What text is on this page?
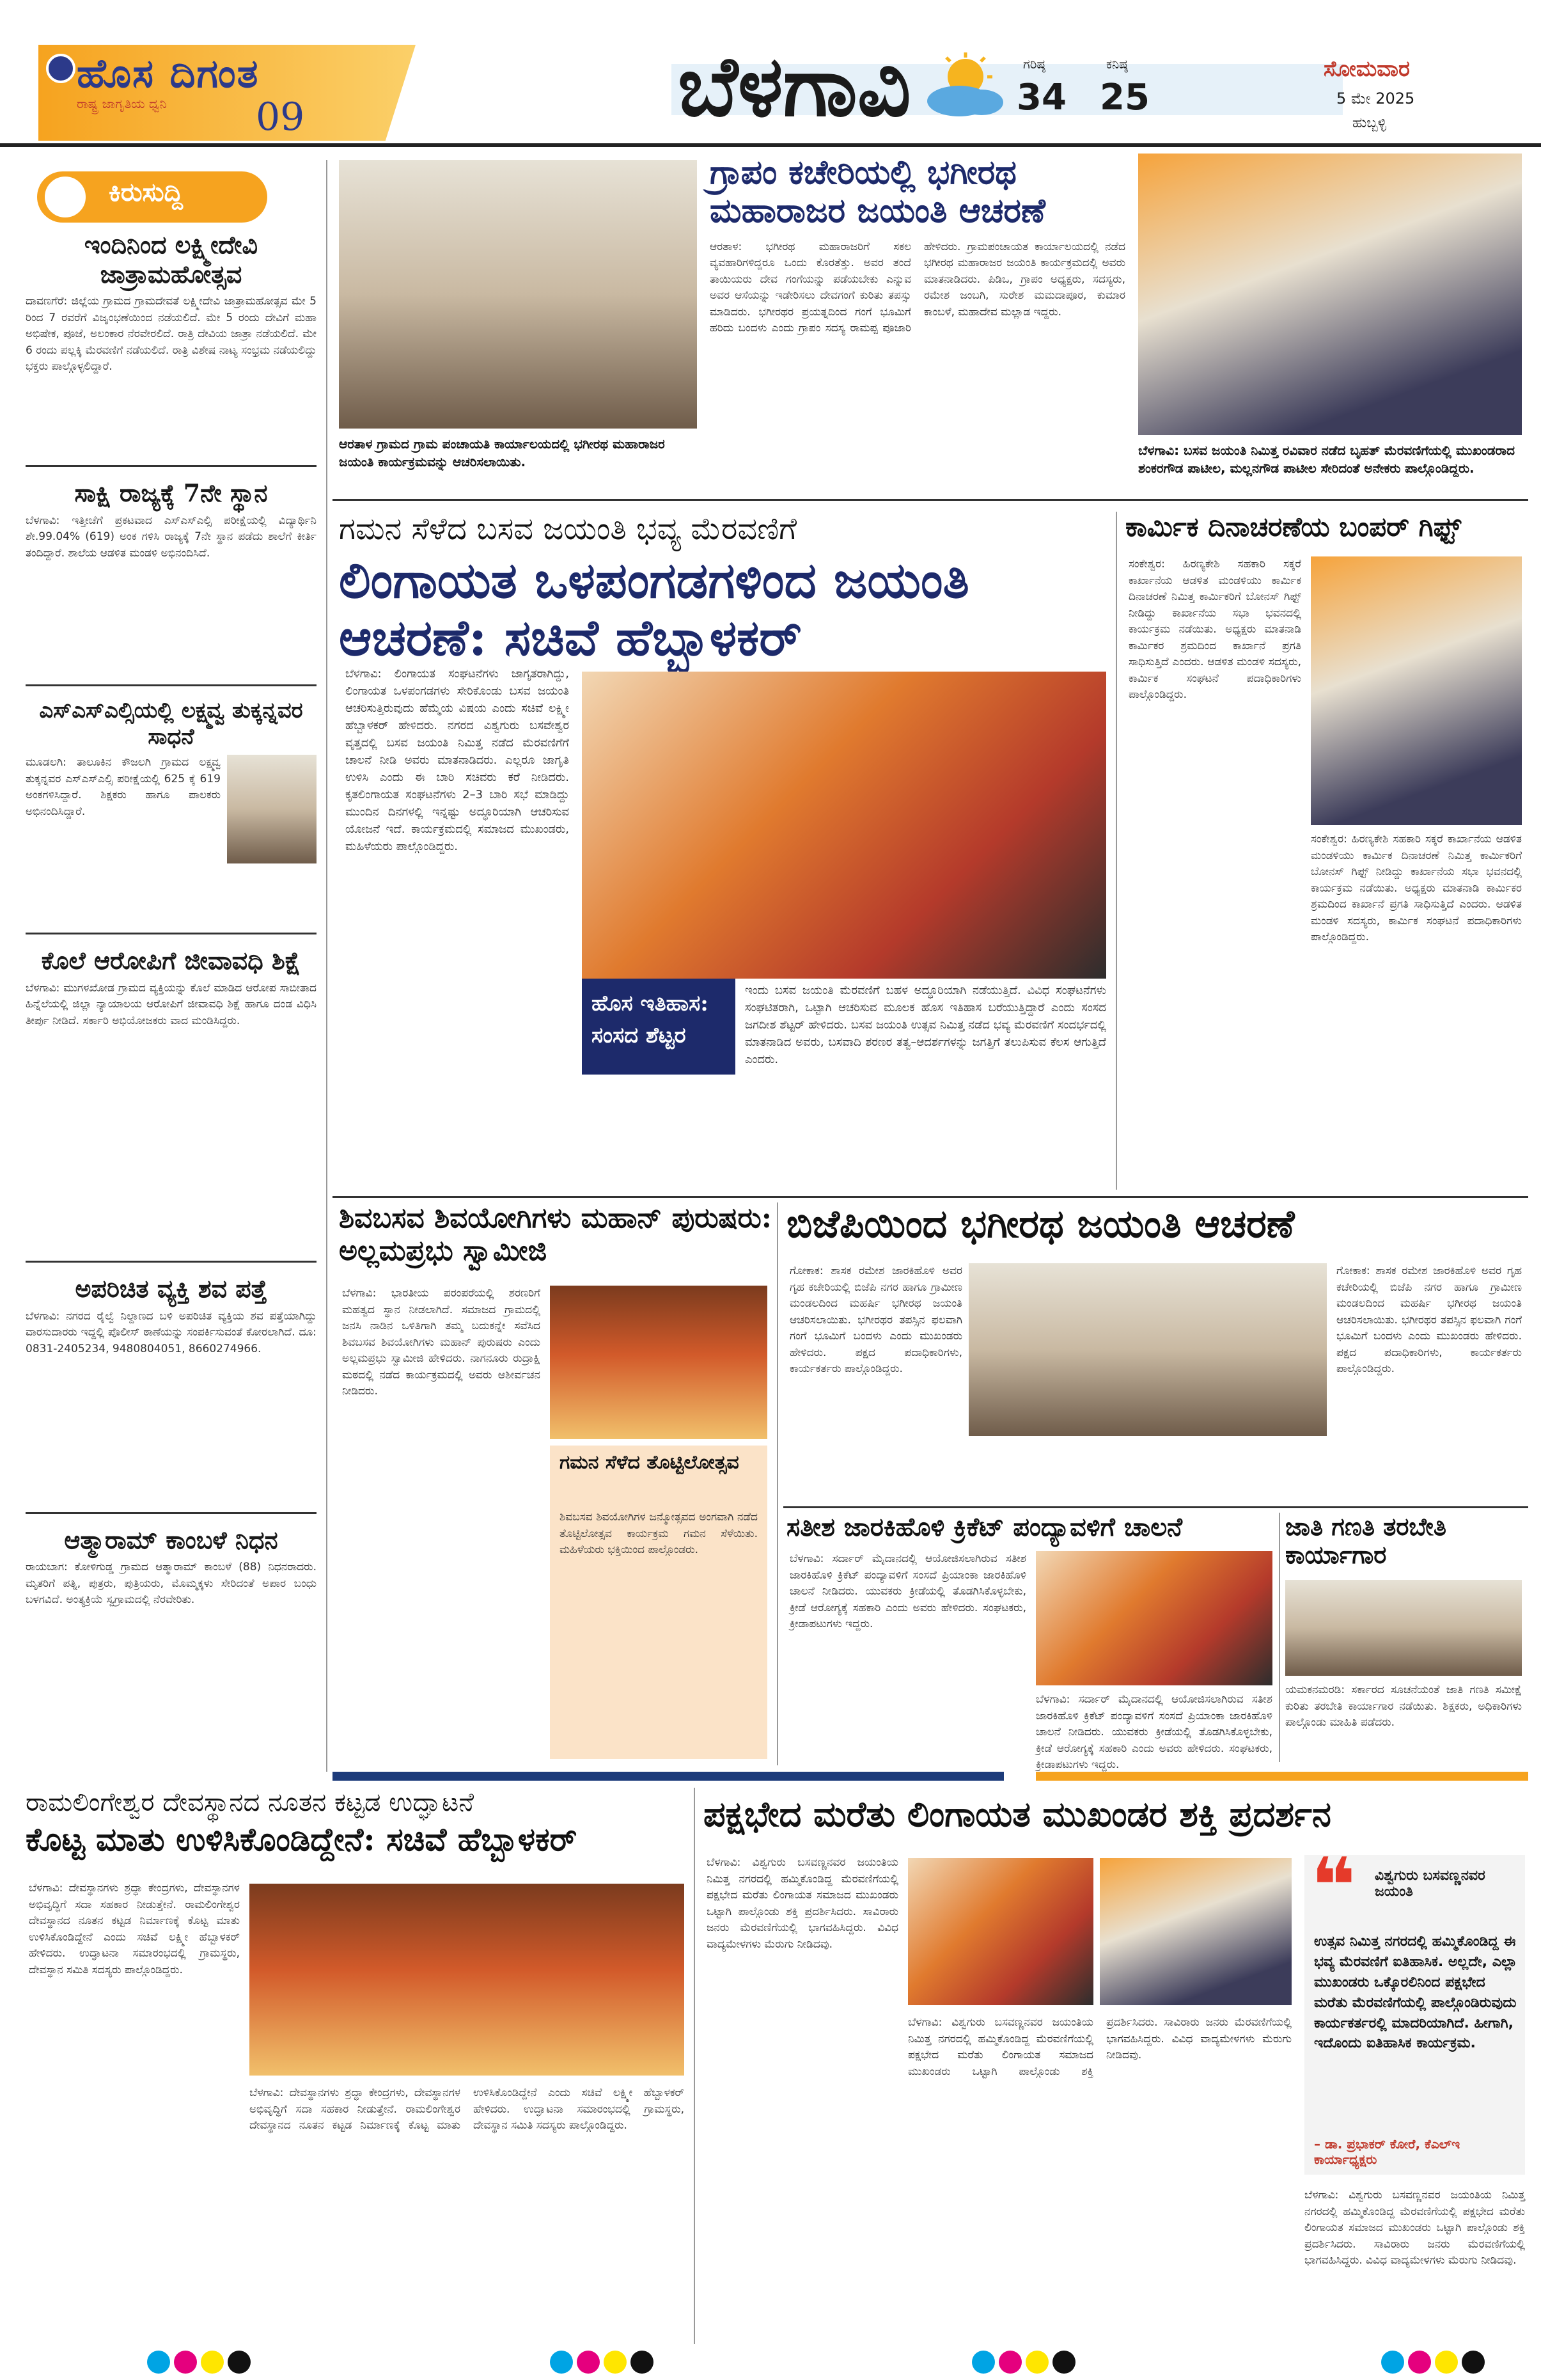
ಹೊಸ ದಿಗಂತ
ರಾಷ್ಟ್ರ ಜಾಗೃತಿಯ ಧ್ವನಿ 09	ಬೆಳಗಾವಿ	ಗರಿಷ್ಠ
34
ಕನಿಷ್ಠ
25
ಸೋಮವಾರ
5 ಮೇ 2025
ಹುಬ್ಬಳ್ಳಿ
ಕಿರುಸುದ್ದಿ
ಇಂದಿನಿಂದ ಲಕ್ಷ್ಮೀದೇವಿ ಜಾತ್ರಾಮಹೋತ್ಸವ
ದಾವಣಗೆರೆ: ಜಿಲ್ಲೆಯ ಗ್ರಾಮದ ಗ್ರಾಮದೇವತೆ ಲಕ್ಷ್ಮೀದೇವಿ ಜಾತ್ರಾಮಹೋತ್ಸವ ಮೇ 5 ರಿಂದ 7 ರವರೆಗೆ ವಿಜೃಂಭಣೆಯಿಂದ ನಡೆಯಲಿದೆ. ಮೇ 5 ರಂದು ದೇವಿಗೆ ಮಹಾ ಅಭಿಷೇಕ, ಪೂಜೆ, ಅಲಂಕಾರ ನೆರವೇರಲಿದೆ. ರಾತ್ರಿ ದೇವಿಯ ಜಾತ್ರಾ ನಡೆಯಲಿದೆ. ಮೇ 6 ರಂದು ಪಲ್ಲಕ್ಕಿ ಮೆರವಣಿಗೆ ನಡೆಯಲಿದೆ. ರಾತ್ರಿ ವಿಶೇಷ ನಾಟ್ಯ ಸಂಭ್ರಮ ನಡೆಯಲಿದ್ದು ಭಕ್ತರು ಪಾಲ್ಗೊಳ್ಳಲಿದ್ದಾರೆ.
ಸಾಕ್ಷಿ ರಾಜ್ಯಕ್ಕೆ 7ನೇ ಸ್ಥಾನ
ಬೆಳಗಾವಿ: ಇತ್ತೀಚೆಗೆ ಪ್ರಕಟವಾದ ಎಸ್ಎಸ್ಎಲ್ಸಿ ಪರೀಕ್ಷೆಯಲ್ಲಿ ವಿದ್ಯಾರ್ಥಿನಿ ಶೇ.99.04% (619) ಅಂಕ ಗಳಿಸಿ ರಾಜ್ಯಕ್ಕೆ 7ನೇ ಸ್ಥಾನ ಪಡೆದು ಶಾಲೆಗೆ ಕೀರ್ತಿ ತಂದಿದ್ದಾರೆ. ಶಾಲೆಯ ಆಡಳಿತ ಮಂಡಳಿ ಅಭಿನಂದಿಸಿದೆ.
ಎಸ್ಎಸ್ಎಲ್ಸಿಯಲ್ಲಿ ಲಕ್ಷ್ಮವ್ವ ತುಕ್ಕನ್ನವರ ಸಾಧನೆ
ಮೂಡಲಗಿ: ತಾಲೂಕಿನ ಕೌಜಲಗಿ ಗ್ರಾಮದ ಲಕ್ಷ್ಮವ್ವ ತುಕ್ಕನ್ನವರ ಎಸ್ಎಸ್ಎಲ್ಸಿ ಪರೀಕ್ಷೆಯಲ್ಲಿ 625 ಕ್ಕೆ 619 ಅಂಕಗಳಿಸಿದ್ದಾರೆ. ಶಿಕ್ಷಕರು ಹಾಗೂ ಪಾಲಕರು ಅಭಿನಂದಿಸಿದ್ದಾರೆ.
ಕೊಲೆ ಆರೋಪಿಗೆ ಜೀವಾವಧಿ ಶಿಕ್ಷೆ
ಬೆಳಗಾವಿ: ಮುಗಳಖೋಡ ಗ್ರಾಮದ ವ್ಯಕ್ತಿಯನ್ನು ಕೊಲೆ ಮಾಡಿದ ಆರೋಪ ಸಾಬೀತಾದ ಹಿನ್ನೆಲೆಯಲ್ಲಿ ಜಿಲ್ಲಾ ನ್ಯಾಯಾಲಯ ಆರೋಪಿಗೆ ಜೀವಾವಧಿ ಶಿಕ್ಷೆ ಹಾಗೂ ದಂಡ ವಿಧಿಸಿ ತೀರ್ಪು ನೀಡಿದೆ. ಸರ್ಕಾರಿ ಅಭಿಯೋಜಕರು ವಾದ ಮಂಡಿಸಿದ್ದರು.
ಅಪರಿಚಿತ ವ್ಯಕ್ತಿ ಶವ ಪತ್ತೆ
ಬೆಳಗಾವಿ: ನಗರದ ರೈಲ್ವೆ ನಿಲ್ದಾಣದ ಬಳಿ ಅಪರಿಚಿತ ವ್ಯಕ್ತಿಯ ಶವ ಪತ್ತೆಯಾಗಿದ್ದು ವಾರಸುದಾರರು ಇದ್ದಲ್ಲಿ ಪೊಲೀಸ್ ಠಾಣೆಯನ್ನು ಸಂಪರ್ಕಿಸುವಂತೆ ಕೋರಲಾಗಿದೆ. ದೂ: 0831-2405234, 9480804051, 8660274966.
ಆತ್ಮಾರಾಮ್ ಕಾಂಬಳೆ ನಿಧನ
ರಾಯಬಾಗ: ಕೋಳಿಗುಡ್ಡ ಗ್ರಾಮದ ಆತ್ಮಾರಾಮ್ ಕಾಂಬಳೆ (88) ನಿಧನರಾದರು. ಮೃತರಿಗೆ ಪತ್ನಿ, ಪುತ್ರರು, ಪುತ್ರಿಯರು, ಮೊಮ್ಮಕ್ಕಳು ಸೇರಿದಂತೆ ಅಪಾರ ಬಂಧು ಬಳಗವಿದೆ. ಅಂತ್ಯಕ್ರಿಯೆ ಸ್ವಗ್ರಾಮದಲ್ಲಿ ನೆರವೇರಿತು.
ಆರತಾಳ ಗ್ರಾಮದ ಗ್ರಾಮ ಪಂಚಾಯತಿ ಕಾರ್ಯಾಲಯದಲ್ಲಿ ಭಗೀರಥ ಮಹಾರಾಜರ ಜಯಂತಿ ಕಾರ್ಯಕ್ರಮವನ್ನು ಆಚರಿಸಲಾಯಿತು.
ಗ್ರಾಪಂ ಕಚೇರಿಯಲ್ಲಿ ಭಗೀರಥ ಮಹಾರಾಜರ ಜಯಂತಿ ಆಚರಣೆ
ಆರತಾಳ: ಭಗೀರಥ ಮಹಾರಾಜರಿಗೆ ಸಕಲ ವ್ಯವಹಾರಿಗಳಿದ್ದರೂ ಒಂದು ಕೊರತೆತ್ತು. ಅವರ ತಂದೆ ತಾಯಿಯರು ದೇವ ಗಂಗೆಯನ್ನು ಪಡೆಯಬೇಕು ಎನ್ನುವ ಅವರ ಆಸೆಯನ್ನು ಇಡೇರಿಸಲು ದೇವಗಂಗೆ ಕುರಿತು ತಪಸ್ಸು ಮಾಡಿದರು. ಭಗೀರಥರ ಪ್ರಯತ್ನದಿಂದ ಗಂಗೆ ಭೂಮಿಗೆ ಹರಿದು ಬಂದಳು ಎಂದು ಗ್ರಾಪಂ ಸದಸ್ಯ ರಾಮಪ್ಪ ಪೂಜಾರಿ ಹೇಳಿದರು. ಗ್ರಾಮಪಂಚಾಯತ ಕಾರ್ಯಾಲಯದಲ್ಲಿ ನಡೆದ ಭಗೀರಥ ಮಹಾರಾಜರ ಜಯಂತಿ ಕಾರ್ಯಕ್ರಮದಲ್ಲಿ ಅವರು ಮಾತನಾಡಿದರು. ಪಿಡಿಒ, ಗ್ರಾಪಂ ಅಧ್ಯಕ್ಷರು, ಸದಸ್ಯರು, ರಮೇಶ ಜಂಬಗಿ, ಸುರೇಶ ಮಮದಾಪೂರ, ಕುಮಾರ ಕಾಂಬಳೆ, ಮಹಾದೇವ ಮಲ್ಲಾಡ ಇದ್ದರು.
ಬೆಳಗಾವಿ: ಬಸವ ಜಯಂತಿ ನಿಮಿತ್ತ ರವಿವಾರ ನಡೆದ ಬೃಹತ್ ಮೆರವಣಿಗೆಯಲ್ಲಿ ಮುಖಂಡರಾದ ಶಂಕರಗೌಡ ಪಾಟೀಲ, ಮಲ್ಲನಗೌಡ ಪಾಟೀಲ ಸೇರಿದಂತೆ ಅನೇಕರು ಪಾಲ್ಗೊಂಡಿದ್ದರು.
ಗಮನ ಸೆಳೆದ ಬಸವ ಜಯಂತಿ ಭವ್ಯ ಮೆರವಣಿಗೆ
ಲಿಂಗಾಯತ ಒಳಪಂಗಡಗಳಿಂದ ಜಯಂತಿ ಆಚರಣೆ: ಸಚಿವೆ ಹೆಬ್ಬಾಳಕರ್
ಬೆಳಗಾವಿ: ಲಿಂಗಾಯತ ಸಂಘಟನೆಗಳು ಜಾಗೃತರಾಗಿದ್ದು, ಲಿಂಗಾಯತ ಒಳಪಂಗಡಗಳು ಸೇರಿಕೊಂಡು ಬಸವ ಜಯಂತಿ ಆಚರಿಸುತ್ತಿರುವುದು ಹೆಮ್ಮೆಯ ವಿಷಯ ಎಂದು ಸಚಿವೆ ಲಕ್ಷ್ಮೀ ಹೆಬ್ಬಾಳಕರ್ ಹೇಳಿದರು. ನಗರದ ವಿಶ್ವಗುರು ಬಸವೇಶ್ವರ ವೃತ್ತದಲ್ಲಿ ಬಸವ ಜಯಂತಿ ನಿಮಿತ್ತ ನಡೆದ ಮೆರವಣಿಗೆಗೆ ಚಾಲನೆ ನೀಡಿ ಅವರು ಮಾತನಾಡಿದರು. ಎಲ್ಲರೂ ಜಾಗೃತಿ ಉಳಿಸಿ ಎಂದು ಈ ಬಾರಿ ಸಚಿವರು ಕರೆ ನೀಡಿದರು. ಕೃತಲಿಂಗಾಯತ ಸಂಘಟನೆಗಳು 2–3 ಬಾರಿ ಸಭೆ ಮಾಡಿದ್ದು ಮುಂದಿನ ದಿನಗಳಲ್ಲಿ ಇನ್ನಷ್ಟು ಅದ್ಧೂರಿಯಾಗಿ ಆಚರಿಸುವ ಯೋಜನೆ ಇದೆ. ಕಾರ್ಯಕ್ರಮದಲ್ಲಿ ಸಮಾಜದ ಮುಖಂಡರು, ಮಹಿಳೆಯರು ಪಾಲ್ಗೊಂಡಿದ್ದರು.
ಹೊಸ ಇತಿಹಾಸ:
ಸಂಸದ ಶೆಟ್ಟರ
ಇಂದು ಬಸವ ಜಯಂತಿ ಮೆರವಣಿಗೆ ಬಹಳ ಅದ್ಧೂರಿಯಾಗಿ ನಡೆಯುತ್ತಿದೆ. ವಿವಿಧ ಸಂಘಟನೆಗಳು ಸಂಘಟಿತರಾಗಿ, ಒಟ್ಟಾಗಿ ಆಚರಿಸುವ ಮೂಲಕ ಹೊಸ ಇತಿಹಾಸ ಬರೆಯುತ್ತಿದ್ದಾರೆ ಎಂದು ಸಂಸದ ಜಗದೀಶ ಶೆಟ್ಟರ್ ಹೇಳಿದರು. ಬಸವ ಜಯಂತಿ ಉತ್ಸವ ನಿಮಿತ್ತ ನಡೆದ ಭವ್ಯ ಮೆರವಣಿಗೆ ಸಂದರ್ಭದಲ್ಲಿ ಮಾತನಾಡಿದ ಅವರು, ಬಸವಾದಿ ಶರಣರ ತತ್ವ–ಆದರ್ಶಗಳನ್ನು ಜಗತ್ತಿಗೆ ತಲುಪಿಸುವ ಕೆಲಸ ಆಗುತ್ತಿದೆ ಎಂದರು.
ಕಾರ್ಮಿಕ ದಿನಾಚರಣೆಯ ಬಂಪರ್ ಗಿಫ್ಟ್
ಸಂಕೇಶ್ವರ: ಹಿರಣ್ಯಕೇಶಿ ಸಹಕಾರಿ ಸಕ್ಕರೆ ಕಾರ್ಖಾನೆಯ ಆಡಳಿತ ಮಂಡಳಿಯು ಕಾರ್ಮಿಕ ದಿನಾಚರಣೆ ನಿಮಿತ್ತ ಕಾರ್ಮಿಕರಿಗೆ ಬೋನಸ್ ಗಿಫ್ಟ್ ನೀಡಿದ್ದು ಕಾರ್ಖಾನೆಯ ಸಭಾ ಭವನದಲ್ಲಿ ಕಾರ್ಯಕ್ರಮ ನಡೆಯಿತು. ಅಧ್ಯಕ್ಷರು ಮಾತನಾಡಿ ಕಾರ್ಮಿಕರ ಶ್ರಮದಿಂದ ಕಾರ್ಖಾನೆ ಪ್ರಗತಿ ಸಾಧಿಸುತ್ತಿದೆ ಎಂದರು. ಆಡಳಿತ ಮಂಡಳಿ ಸದಸ್ಯರು, ಕಾರ್ಮಿಕ ಸಂಘಟನೆ ಪದಾಧಿಕಾರಿಗಳು ಪಾಲ್ಗೊಂಡಿದ್ದರು.
ಸಂಕೇಶ್ವರ: ಹಿರಣ್ಯಕೇಶಿ ಸಹಕಾರಿ ಸಕ್ಕರೆ ಕಾರ್ಖಾನೆಯ ಆಡಳಿತ ಮಂಡಳಿಯು ಕಾರ್ಮಿಕ ದಿನಾಚರಣೆ ನಿಮಿತ್ತ ಕಾರ್ಮಿಕರಿಗೆ ಬೋನಸ್ ಗಿಫ್ಟ್ ನೀಡಿದ್ದು ಕಾರ್ಖಾನೆಯ ಸಭಾ ಭವನದಲ್ಲಿ ಕಾರ್ಯಕ್ರಮ ನಡೆಯಿತು. ಅಧ್ಯಕ್ಷರು ಮಾತನಾಡಿ ಕಾರ್ಮಿಕರ ಶ್ರಮದಿಂದ ಕಾರ್ಖಾನೆ ಪ್ರಗತಿ ಸಾಧಿಸುತ್ತಿದೆ ಎಂದರು. ಆಡಳಿತ ಮಂಡಳಿ ಸದಸ್ಯರು, ಕಾರ್ಮಿಕ ಸಂಘಟನೆ ಪದಾಧಿಕಾರಿಗಳು ಪಾಲ್ಗೊಂಡಿದ್ದರು.
ಶಿವಬಸವ ಶಿವಯೋಗಿಗಳು ಮಹಾನ್ ಪುರುಷರು: ಅಲ್ಲಮಪ್ರಭು ಸ್ವಾಮೀಜಿ
ಬೆಳಗಾವಿ: ಭಾರತೀಯ ಪರಂಪರೆಯಲ್ಲಿ ಶರಣರಿಗೆ ಮಹತ್ವದ ಸ್ಥಾನ ನೀಡಲಾಗಿದೆ. ಸಮಾಜದ ಗ್ರಾಮದಲ್ಲಿ ಜನಸಿ ನಾಡಿನ ಒಳಿತಿಗಾಗಿ ತಮ್ಮ ಬದುಕನ್ನೇ ಸವೆಸಿದ ಶಿವಬಸವ ಶಿವಯೋಗಿಗಳು ಮಹಾನ್ ಪುರುಷರು ಎಂದು ಅಲ್ಲಮಪ್ರಭು ಸ್ವಾಮೀಜಿ ಹೇಳಿದರು. ನಾಗನೂರು ರುದ್ರಾಕ್ಷಿ ಮಠದಲ್ಲಿ ನಡೆದ ಕಾರ್ಯಕ್ರಮದಲ್ಲಿ ಅವರು ಆಶೀರ್ವಚನ ನೀಡಿದರು.
ಗಮನ ಸೆಳೆದ ತೊಟ್ಟಿಲೋತ್ಸವ
ಶಿವಬಸವ ಶಿವಯೋಗಿಗಳ ಜನ್ಮೋತ್ಸವದ ಅಂಗವಾಗಿ ನಡೆದ ತೊಟ್ಟಿಲೋತ್ಸವ ಕಾರ್ಯಕ್ರಮ ಗಮನ ಸೆಳೆಯಿತು. ಮಹಿಳೆಯರು ಭಕ್ತಿಯಿಂದ ಪಾಲ್ಗೊಂಡರು.
ಬಿಜೆಪಿಯಿಂದ ಭಗೀರಥ ಜಯಂತಿ ಆಚರಣೆ
ಗೋಕಾಕ: ಶಾಸಕ ರಮೇಶ ಜಾರಕಿಹೊಳಿ ಅವರ ಗೃಹ ಕಚೇರಿಯಲ್ಲಿ ಬಿಜೆಪಿ ನಗರ ಹಾಗೂ ಗ್ರಾಮೀಣ ಮಂಡಲದಿಂದ ಮಹರ್ಷಿ ಭಗೀರಥ ಜಯಂತಿ ಆಚರಿಸಲಾಯಿತು. ಭಗೀರಥರ ತಪಸ್ಸಿನ ಫಲವಾಗಿ ಗಂಗೆ ಭೂಮಿಗೆ ಬಂದಳು ಎಂದು ಮುಖಂಡರು ಹೇಳಿದರು. ಪಕ್ಷದ ಪದಾಧಿಕಾರಿಗಳು, ಕಾರ್ಯಕರ್ತರು ಪಾಲ್ಗೊಂಡಿದ್ದರು.
ಗೋಕಾಕ: ಶಾಸಕ ರಮೇಶ ಜಾರಕಿಹೊಳಿ ಅವರ ಗೃಹ ಕಚೇರಿಯಲ್ಲಿ ಬಿಜೆಪಿ ನಗರ ಹಾಗೂ ಗ್ರಾಮೀಣ ಮಂಡಲದಿಂದ ಮಹರ್ಷಿ ಭಗೀರಥ ಜಯಂತಿ ಆಚರಿಸಲಾಯಿತು. ಭಗೀರಥರ ತಪಸ್ಸಿನ ಫಲವಾಗಿ ಗಂಗೆ ಭೂಮಿಗೆ ಬಂದಳು ಎಂದು ಮುಖಂಡರು ಹೇಳಿದರು. ಪಕ್ಷದ ಪದಾಧಿಕಾರಿಗಳು, ಕಾರ್ಯಕರ್ತರು ಪಾಲ್ಗೊಂಡಿದ್ದರು.
ಸತೀಶ ಜಾರಕಿಹೊಳಿ ಕ್ರಿಕೆಟ್ ಪಂದ್ಯಾವಳಿಗೆ ಚಾಲನೆ
ಬೆಳಗಾವಿ: ಸರ್ದಾರ್ ಮೈದಾನದಲ್ಲಿ ಆಯೋಜಿಸಲಾಗಿರುವ ಸತೀಶ ಜಾರಕಿಹೊಳಿ ಕ್ರಿಕೆಟ್ ಪಂದ್ಯಾವಳಿಗೆ ಸಂಸದೆ ಪ್ರಿಯಾಂಕಾ ಜಾರಕಿಹೊಳಿ ಚಾಲನೆ ನೀಡಿದರು. ಯುವಕರು ಕ್ರೀಡೆಯಲ್ಲಿ ತೊಡಗಿಸಿಕೊಳ್ಳಬೇಕು, ಕ್ರೀಡೆ ಆರೋಗ್ಯಕ್ಕೆ ಸಹಕಾರಿ ಎಂದು ಅವರು ಹೇಳಿದರು. ಸಂಘಟಕರು, ಕ್ರೀಡಾಪಟುಗಳು ಇದ್ದರು.
ಬೆಳಗಾವಿ: ಸರ್ದಾರ್ ಮೈದಾನದಲ್ಲಿ ಆಯೋಜಿಸಲಾಗಿರುವ ಸತೀಶ ಜಾರಕಿಹೊಳಿ ಕ್ರಿಕೆಟ್ ಪಂದ್ಯಾವಳಿಗೆ ಸಂಸದೆ ಪ್ರಿಯಾಂಕಾ ಜಾರಕಿಹೊಳಿ ಚಾಲನೆ ನೀಡಿದರು. ಯುವಕರು ಕ್ರೀಡೆಯಲ್ಲಿ ತೊಡಗಿಸಿಕೊಳ್ಳಬೇಕು, ಕ್ರೀಡೆ ಆರೋಗ್ಯಕ್ಕೆ ಸಹಕಾರಿ ಎಂದು ಅವರು ಹೇಳಿದರು. ಸಂಘಟಕರು, ಕ್ರೀಡಾಪಟುಗಳು ಇದ್ದರು.
ಜಾತಿ ಗಣತಿ ತರಬೇತಿ ಕಾರ್ಯಾಗಾರ
ಯಮಕನಮರಡಿ: ಸರ್ಕಾರದ ಸೂಚನೆಯಂತೆ ಜಾತಿ ಗಣತಿ ಸಮೀಕ್ಷೆ ಕುರಿತು ತರಬೇತಿ ಕಾರ್ಯಾಗಾರ ನಡೆಯಿತು. ಶಿಕ್ಷಕರು, ಅಧಿಕಾರಿಗಳು ಪಾಲ್ಗೊಂಡು ಮಾಹಿತಿ ಪಡೆದರು.
ರಾಮಲಿಂಗೇಶ್ವರ ದೇವಸ್ಥಾನದ ನೂತನ ಕಟ್ಟಡ ಉದ್ಘಾಟನೆ
ಕೊಟ್ಟ ಮಾತು ಉಳಿಸಿಕೊಂಡಿದ್ದೇನೆ: ಸಚಿವೆ ಹೆಬ್ಬಾಳಕರ್
ಬೆಳಗಾವಿ: ದೇವಸ್ಥಾನಗಳು ಶ್ರದ್ಧಾ ಕೇಂದ್ರಗಳು, ದೇವಸ್ಥಾನಗಳ ಅಭಿವೃದ್ಧಿಗೆ ಸದಾ ಸಹಕಾರ ನೀಡುತ್ತೇನೆ. ರಾಮಲಿಂಗೇಶ್ವರ ದೇವಸ್ಥಾನದ ನೂತನ ಕಟ್ಟಡ ನಿರ್ಮಾಣಕ್ಕೆ ಕೊಟ್ಟ ಮಾತು ಉಳಿಸಿಕೊಂಡಿದ್ದೇನೆ ಎಂದು ಸಚಿವೆ ಲಕ್ಷ್ಮೀ ಹೆಬ್ಬಾಳಕರ್ ಹೇಳಿದರು. ಉದ್ಘಾಟನಾ ಸಮಾರಂಭದಲ್ಲಿ ಗ್ರಾಮಸ್ಥರು, ದೇವಸ್ಥಾನ ಸಮಿತಿ ಸದಸ್ಯರು ಪಾಲ್ಗೊಂಡಿದ್ದರು.
ಬೆಳಗಾವಿ: ದೇವಸ್ಥಾನಗಳು ಶ್ರದ್ಧಾ ಕೇಂದ್ರಗಳು, ದೇವಸ್ಥಾನಗಳ ಅಭಿವೃದ್ಧಿಗೆ ಸದಾ ಸಹಕಾರ ನೀಡುತ್ತೇನೆ. ರಾಮಲಿಂಗೇಶ್ವರ ದೇವಸ್ಥಾನದ ನೂತನ ಕಟ್ಟಡ ನಿರ್ಮಾಣಕ್ಕೆ ಕೊಟ್ಟ ಮಾತು ಉಳಿಸಿಕೊಂಡಿದ್ದೇನೆ ಎಂದು ಸಚಿವೆ ಲಕ್ಷ್ಮೀ ಹೆಬ್ಬಾಳಕರ್ ಹೇಳಿದರು. ಉದ್ಘಾಟನಾ ಸಮಾರಂಭದಲ್ಲಿ ಗ್ರಾಮಸ್ಥರು, ದೇವಸ್ಥಾನ ಸಮಿತಿ ಸದಸ್ಯರು ಪಾಲ್ಗೊಂಡಿದ್ದರು.
ಪಕ್ಷಭೇದ ಮರೆತು ಲಿಂಗಾಯತ ಮುಖಂಡರ ಶಕ್ತಿ ಪ್ರದರ್ಶನ
ಬೆಳಗಾವಿ: ವಿಶ್ವಗುರು ಬಸವಣ್ಣನವರ ಜಯಂತಿಯ ನಿಮಿತ್ತ ನಗರದಲ್ಲಿ ಹಮ್ಮಿಕೊಂಡಿದ್ದ ಮೆರವಣಿಗೆಯಲ್ಲಿ ಪಕ್ಷಭೇದ ಮರೆತು ಲಿಂಗಾಯತ ಸಮಾಜದ ಮುಖಂಡರು ಒಟ್ಟಾಗಿ ಪಾಲ್ಗೊಂಡು ಶಕ್ತಿ ಪ್ರದರ್ಶಿಸಿದರು. ಸಾವಿರಾರು ಜನರು ಮೆರವಣಿಗೆಯಲ್ಲಿ ಭಾಗವಹಿಸಿದ್ದರು. ವಿವಿಧ ವಾದ್ಯಮೇಳಗಳು ಮೆರುಗು ನೀಡಿದವು.
ಬೆಳಗಾವಿ: ವಿಶ್ವಗುರು ಬಸವಣ್ಣನವರ ಜಯಂತಿಯ ನಿಮಿತ್ತ ನಗರದಲ್ಲಿ ಹಮ್ಮಿಕೊಂಡಿದ್ದ ಮೆರವಣಿಗೆಯಲ್ಲಿ ಪಕ್ಷಭೇದ ಮರೆತು ಲಿಂಗಾಯತ ಸಮಾಜದ ಮುಖಂಡರು ಒಟ್ಟಾಗಿ ಪಾಲ್ಗೊಂಡು ಶಕ್ತಿ ಪ್ರದರ್ಶಿಸಿದರು. ಸಾವಿರಾರು ಜನರು ಮೆರವಣಿಗೆಯಲ್ಲಿ ಭಾಗವಹಿಸಿದ್ದರು. ವಿವಿಧ ವಾದ್ಯಮೇಳಗಳು ಮೆರುಗು ನೀಡಿದವು.
❝ ವಿಶ್ವಗುರು ಬಸವಣ್ಣನವರ ಜಯಂತಿ
ಉತ್ಸವ ನಿಮಿತ್ತ ನಗರದಲ್ಲಿ ಹಮ್ಮಿಕೊಂಡಿದ್ದ ಈ ಭವ್ಯ ಮೆರವಣಿಗೆ ಐತಿಹಾಸಿಕ. ಅಲ್ಲದೇ, ಎಲ್ಲಾ ಮುಖಂಡರು ಒಕ್ಕೊರಲಿನಿಂದ ಪಕ್ಷಭೇದ ಮರೆತು ಮೆರವಣಿಗೆಯಲ್ಲಿ ಪಾಲ್ಗೊಂಡಿರುವುದು ಕಾರ್ಯಕರ್ತರಲ್ಲಿ ಮಾದರಿಯಾಗಿದೆ. ಹೀಗಾಗಿ, ಇದೊಂದು ಐತಿಹಾಸಿಕ ಕಾರ್ಯಕ್ರಮ.
– ಡಾ. ಪ್ರಭಾಕರ್ ಕೋರೆ, ಕೆಎಲ್ಇ ಕಾರ್ಯಾಧ್ಯಕ್ಷರು
ಬೆಳಗಾವಿ: ವಿಶ್ವಗುರು ಬಸವಣ್ಣನವರ ಜಯಂತಿಯ ನಿಮಿತ್ತ ನಗರದಲ್ಲಿ ಹಮ್ಮಿಕೊಂಡಿದ್ದ ಮೆರವಣಿಗೆಯಲ್ಲಿ ಪಕ್ಷಭೇದ ಮರೆತು ಲಿಂಗಾಯತ ಸಮಾಜದ ಮುಖಂಡರು ಒಟ್ಟಾಗಿ ಪಾಲ್ಗೊಂಡು ಶಕ್ತಿ ಪ್ರದರ್ಶಿಸಿದರು. ಸಾವಿರಾರು ಜನರು ಮೆರವಣಿಗೆಯಲ್ಲಿ ಭಾಗವಹಿಸಿದ್ದರು. ವಿವಿಧ ವಾದ್ಯಮೇಳಗಳು ಮೆರುಗು ನೀಡಿದವು.
